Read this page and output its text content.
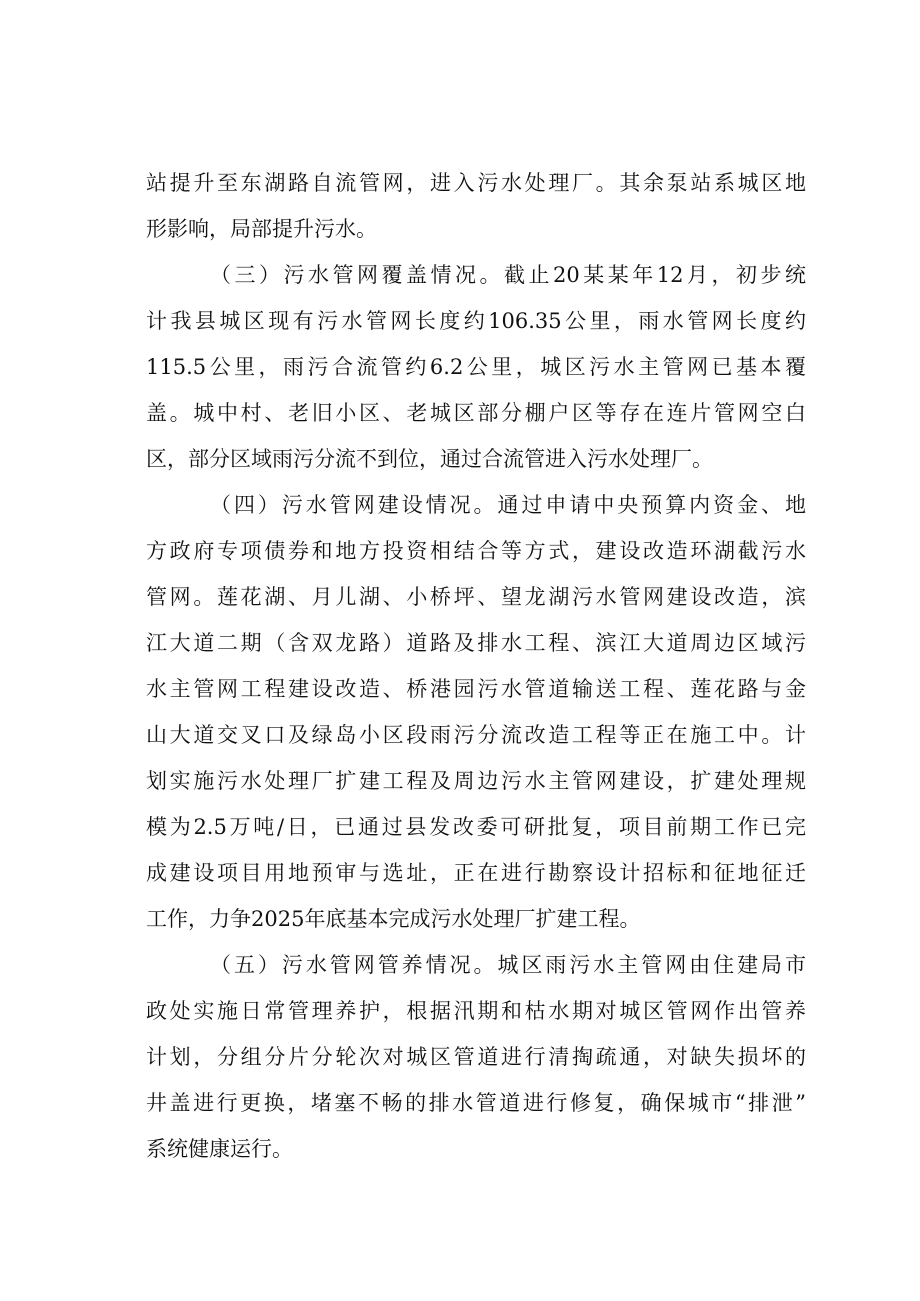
站提升至东湖路自流管网，进入污水处理厂。其余泵站系城区地
形影响，局部提升污水。
（三）污水管网覆盖情况。截止20某某年12月，初步统
计我县城区现有污水管网长度约106.35公里，雨水管网长度约
115.5公里，雨污合流管约6.2公里，城区污水主管网已基本覆
盖。城中村、老旧小区、老城区部分棚户区等存在连片管网空白
区，部分区域雨污分流不到位，通过合流管进入污水处理厂。
（四）污水管网建设情况。通过申请中央预算内资金、地
方政府专项债券和地方投资相结合等方式，建设改造环湖截污水
管网。莲花湖、月儿湖、小桥坪、望龙湖污水管网建设改造，滨
江大道二期（含双龙路）道路及排水工程、滨江大道周边区域污
水主管网工程建设改造、桥港园污水管道输送工程、莲花路与金
山大道交叉口及绿岛小区段雨污分流改造工程等正在施工中。计
划实施污水处理厂扩建工程及周边污水主管网建设，扩建处理规
模为2.5万吨/日，已通过县发改委可研批复，项目前期工作已完
成建设项目用地预审与选址，正在进行勘察设计招标和征地征迁
工作，力争2025年底基本完成污水处理厂扩建工程。
（五）污水管网管养情况。城区雨污水主管网由住建局市
政处实施日常管理养护，根据汛期和枯水期对城区管网作出管养
计划，分组分片分轮次对城区管道进行清掏疏通，对缺失损坏的
井盖进行更换，堵塞不畅的排水管道进行修复，确保城市“排泄”
系统健康运行。
